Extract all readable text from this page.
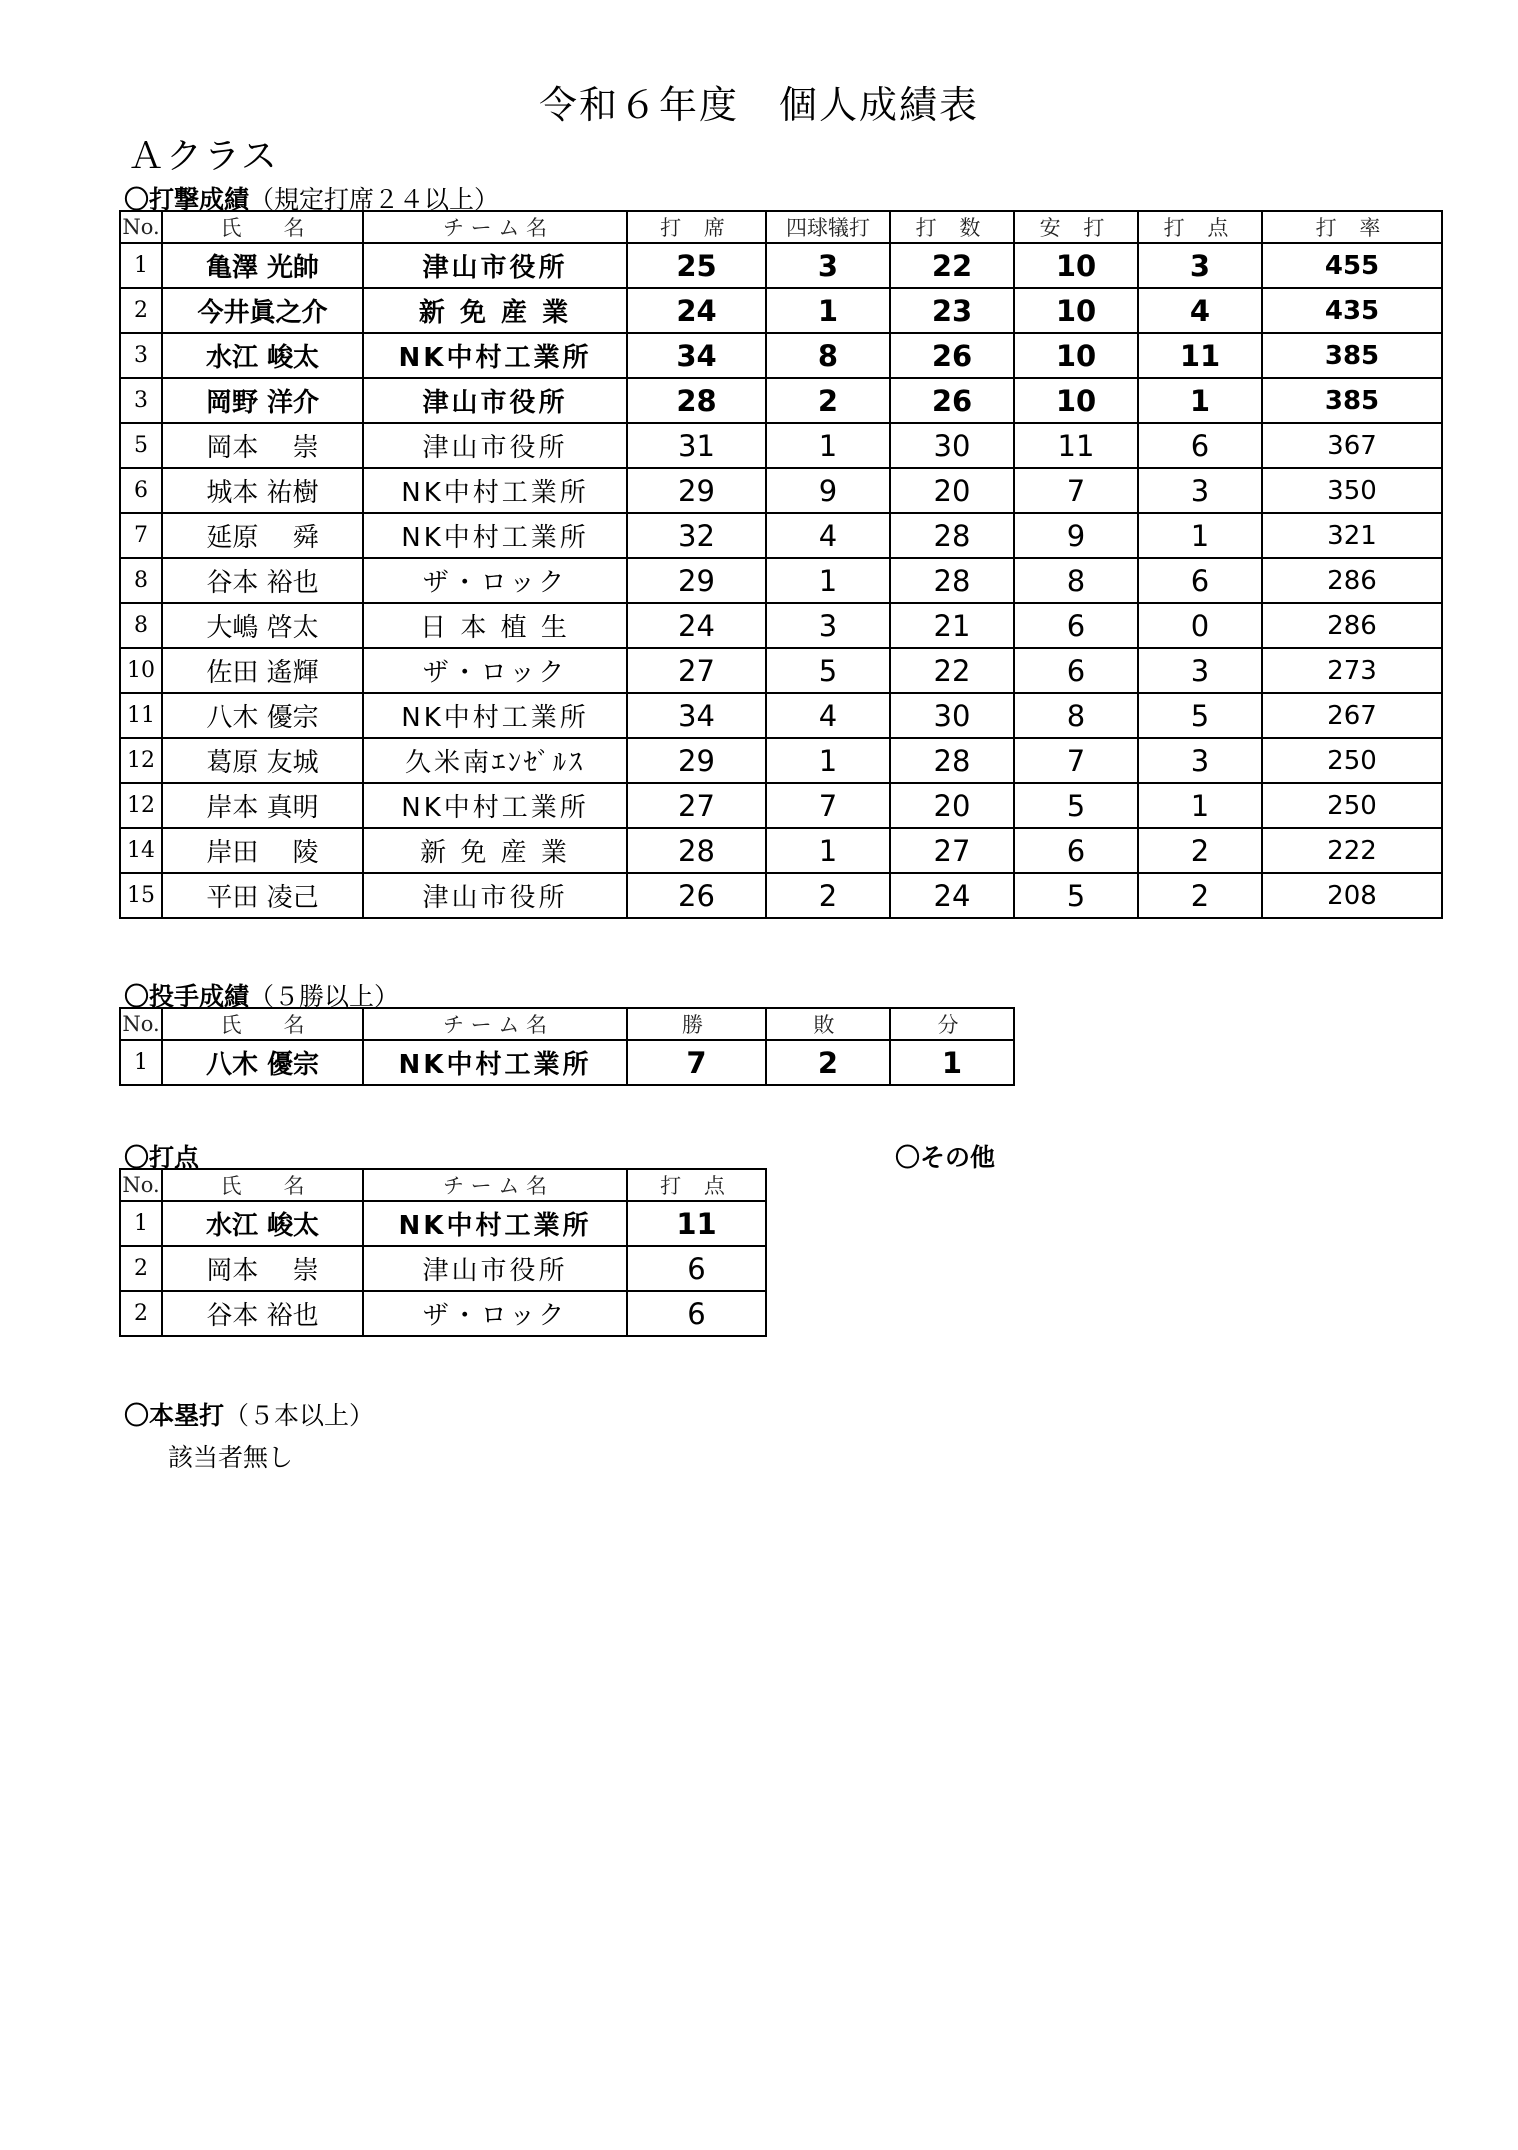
令和６年度　個人成績表
Ａクラス
〇打撃成績（規定打席２４以上）
No.	氏　　名	チ ー ム 名	打 席	四球犠打	打 数	安 打	打 点	打 率
1	亀澤 光帥	津山市役所	25	3	22	10	3	455
2	今井眞之介	新 免 産 業	24	1	23	10	4	435
3	水江 峻太	NK中村工業所	34	8	26	10	11	385
3	岡野 洋介	津山市役所	28	2	26	10	1	385
5	岡本　 崇	津山市役所	31	1	30	11	6	367
6	城本 祐樹	NK中村工業所	29	9	20	7	3	350
7	延原　 舜	NK中村工業所	32	4	28	9	1	321
8	谷本 裕也	ザ・ロック	29	1	28	8	6	286
8	大嶋 啓太	日 本 植 生	24	3	21	6	0	286
10	佐田 遙輝	ザ・ロック	27	5	22	6	3	273
11	八木 優宗	NK中村工業所	34	4	30	8	5	267
12	葛原 友城	久米南ｴﾝｾﾞﾙｽ	29	1	28	7	3	250
12	岸本 真明	NK中村工業所	27	7	20	5	1	250
14	岸田　 陵	新 免 産 業	28	1	27	6	2	222
15	平田 凌己	津山市役所	26	2	24	5	2	208
〇投手成績（５勝以上）
No.	氏　　名	チ ー ム 名	勝	敗	分
1	八木 優宗	NK中村工業所	7	2	1
〇打点	〇その他
No.	氏　　名	チ ー ム 名	打 点
1	水江 峻太	NK中村工業所	11
2	岡本　 崇	津山市役所	6
2	谷本 裕也	ザ・ロック	6
〇本塁打（５本以上）
該当者無し
